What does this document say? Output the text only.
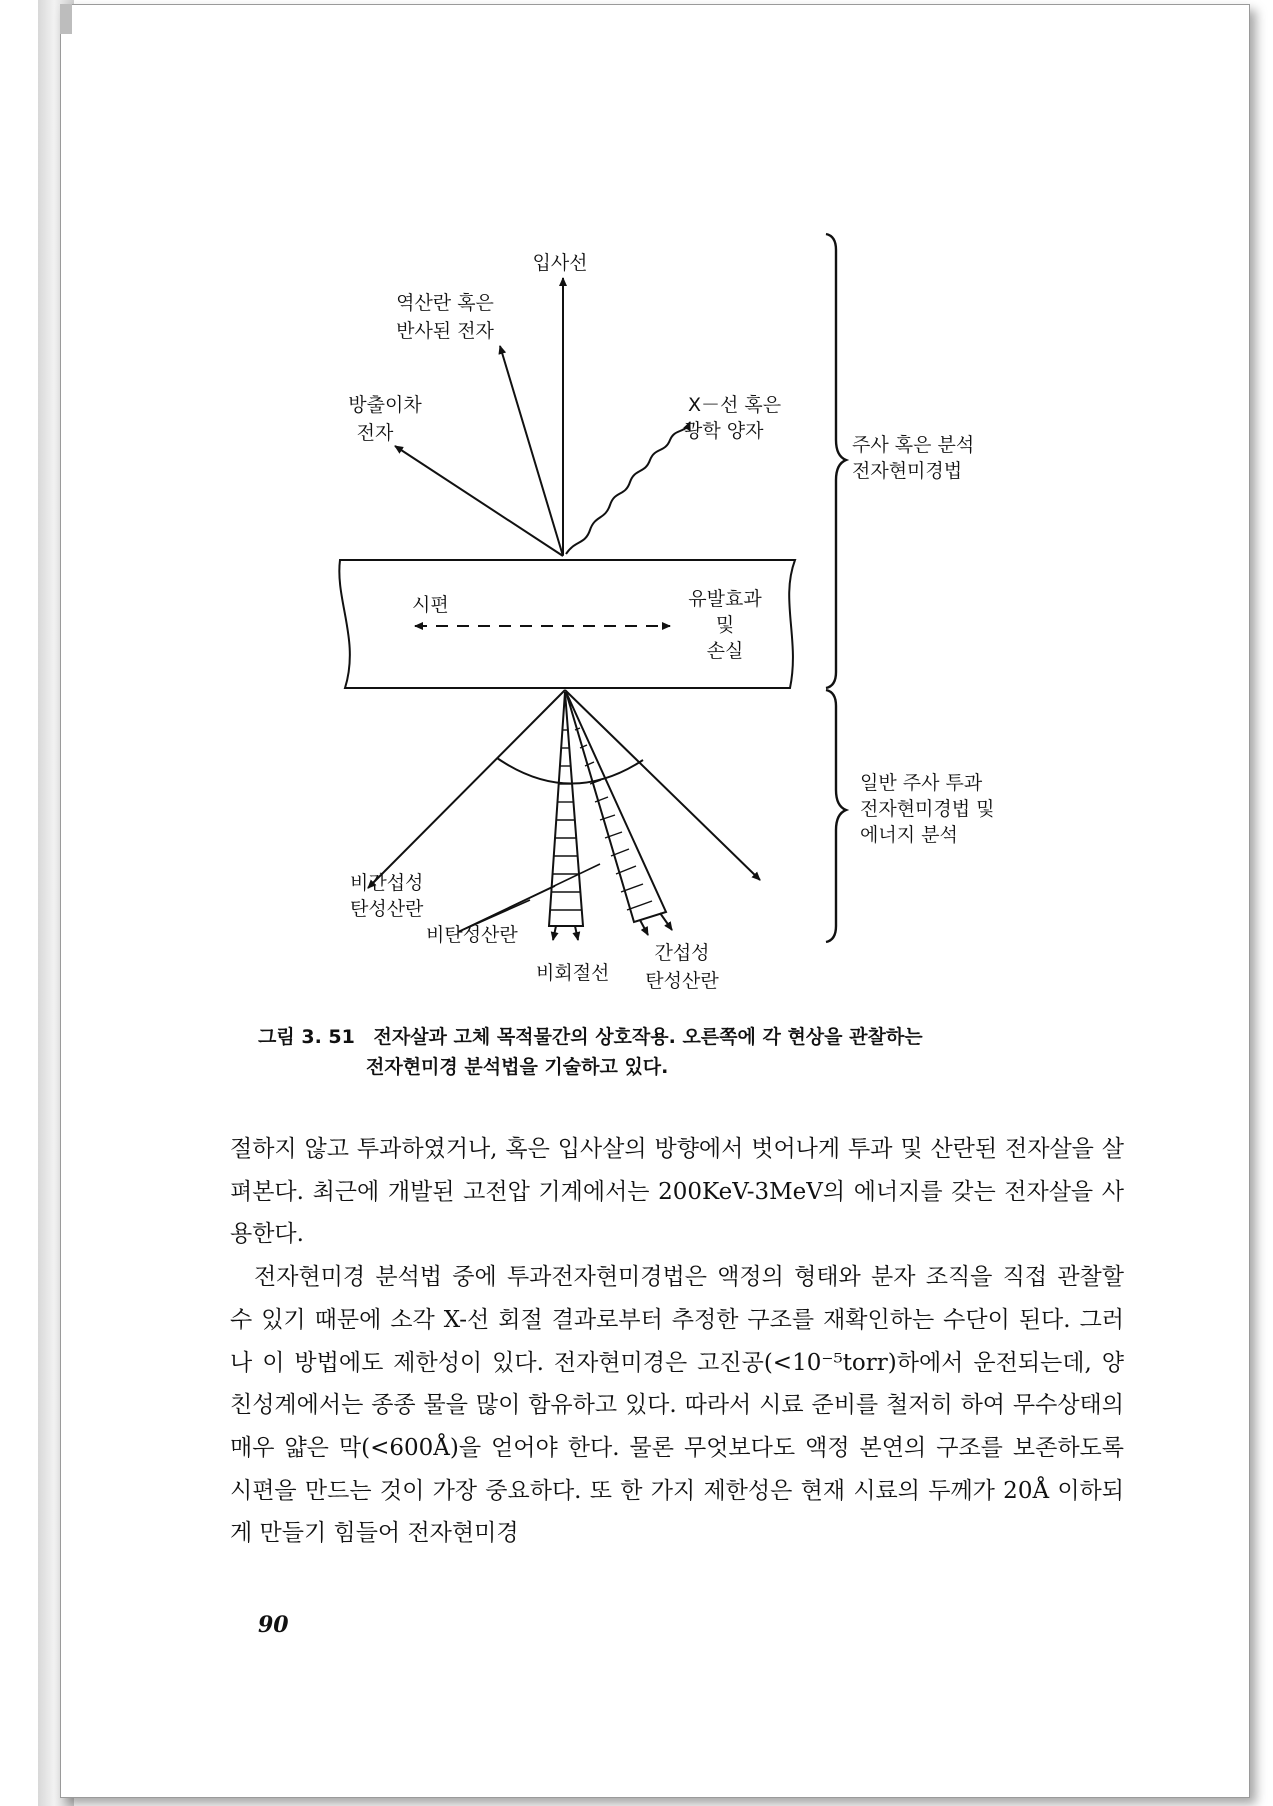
입사선
역산란 혹은
반사된 전자
방출이차
전자
X－선 혹은
광학 양자
시편	유발효과
및
손실
비간섭성
탄성산란
비탄성산란
비회절선
간섭성
탄성산란
주사 혹은 분석
전자현미경법
일반 주사 투과
전자현미경법 및
에너지 분석
그림 3. 51 전자살과 고체 목적물간의 상호작용. 오른쪽에 각 현상을 관찰하는
전자현미경 분석법을 기술하고 있다.

절하지 않고 투과하였거나, 혹은 입사살의 방향에서 벗어나게 투과 및 산란된 전자살을 살펴본다. 최근에 개발된 고전압 기계에서는 200KeV-3MeV의 에너지를 갖는 전자살을 사용한다.

전자현미경 분석법 중에 투과전자현미경법은 액정의 형태와 분자 조직을 직접 관찰할 수 있기 때문에 소각 X-선 회절 결과로부터 추정한 구조를 재확인하는 수단이 된다. 그러나 이 방법에도 제한성이 있다. 전자현미경은 고진공(<10⁻⁵torr)하에서 운전되는데, 양친성계에서는 종종 물을 많이 함유하고 있다. 따라서 시료 준비를 철저히 하여 무수상태의 매우 얇은 막(<600Å)을 얻어야 한다. 물론 무엇보다도 액정 본연의 구조를 보존하도록 시편을 만드는 것이 가장 중요하다. 또 한 가지 제한성은 현재 시료의 두께가 20Å 이하되게 만들기 힘들어 전자현미경

90
